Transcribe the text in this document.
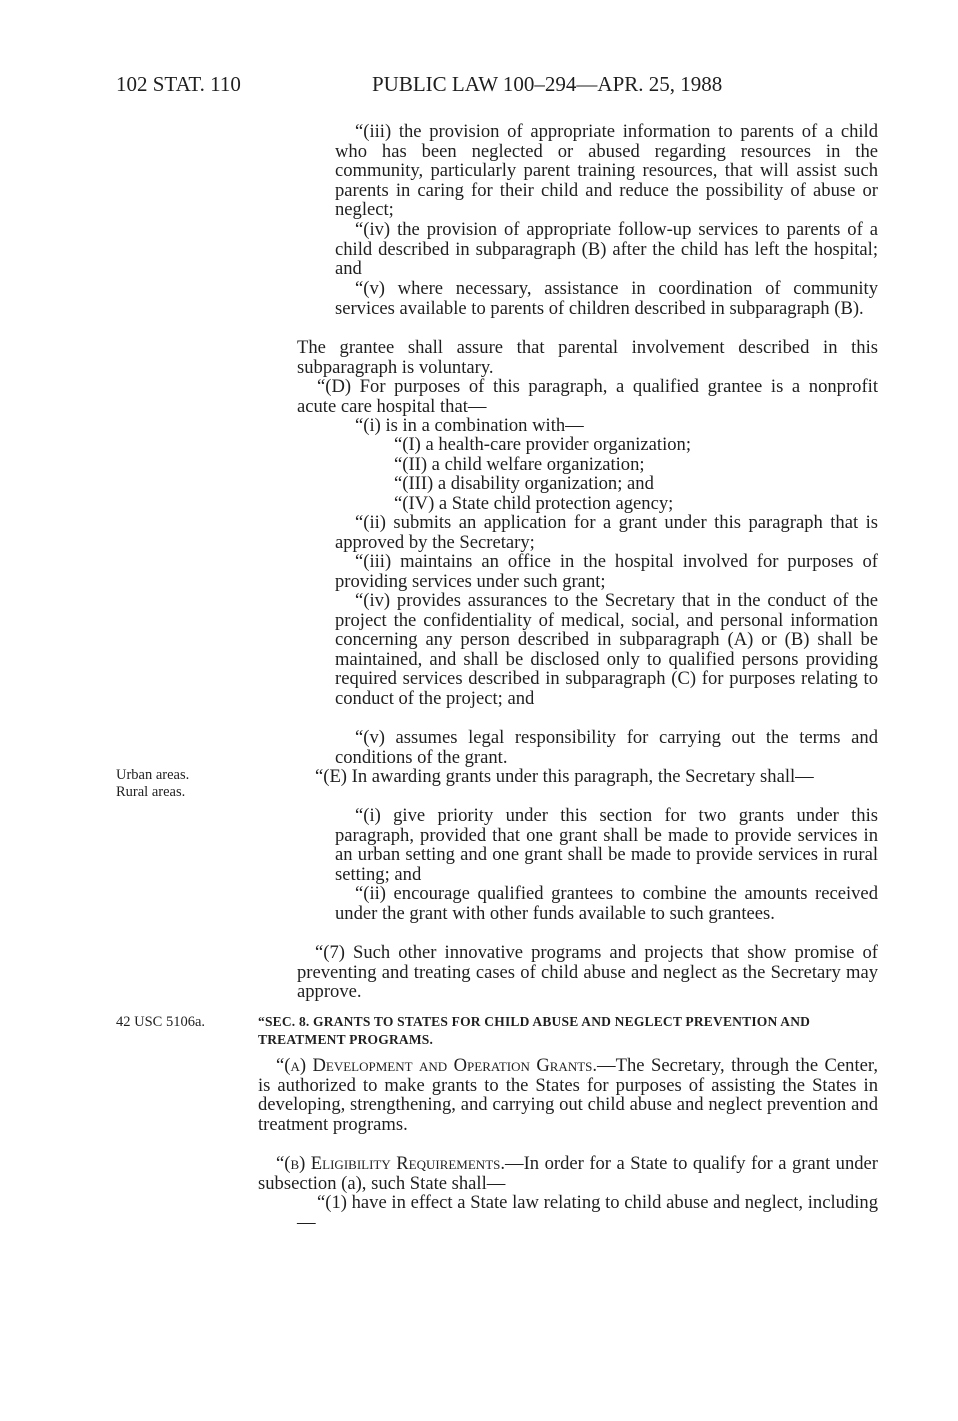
102 STAT. 110	PUBLIC LAW 100–294—APR. 25, 1988
Urban areas.
Rural areas.
42 USC 5106a.

“(iii) the provision of appropriate information to parents of a child who has been neglected or abused regarding resources in the community, particularly parent training resources, that will assist such parents in caring for their child and reduce the possibility of abuse or neglect;

“(iv) the provision of appropriate follow-up services to parents of a child described in subparagraph (B) after the child has left the hospital; and

“(v) where necessary, assistance in coordination of community services available to parents of children described in subparagraph (B).

The grantee shall assure that parental involvement described in this subparagraph is voluntary.

“(D) For purposes of this paragraph, a qualified grantee is a nonprofit acute care hospital that—

“(i) is in a combination with—

“(I) a health-care provider organization;

“(II) a child welfare organization;

“(III) a disability organization; and

“(IV) a State child protection agency;

“(ii) submits an application for a grant under this paragraph that is approved by the Secretary;

“(iii) maintains an office in the hospital involved for purposes of providing services under such grant;

“(iv) provides assurances to the Secretary that in the conduct of the project the confidentiality of medical, social, and personal information concerning any person described in subparagraph (A) or (B) shall be maintained, and shall be disclosed only to qualified persons providing required services described in subparagraph (C) for purposes relating to conduct of the project; and

“(v) assumes legal responsibility for carrying out the terms and conditions of the grant.

“(E) In awarding grants under this paragraph, the Secretary shall—

“(i) give priority under this section for two grants under this paragraph, provided that one grant shall be made to provide services in an urban setting and one grant shall be made to provide services in rural setting; and

“(ii) encourage qualified grantees to combine the amounts received under the grant with other funds available to such grantees.

“(7) Such other innovative programs and projects that show promise of preventing and treating cases of child abuse and neglect as the Secretary may approve.

“SEC. 8. GRANTS TO STATES FOR CHILD ABUSE AND NEGLECT PREVENTION AND TREATMENT PROGRAMS.

“(a) Development and Operation Grants.—The Secretary, through the Center, is authorized to make grants to the States for purposes of assisting the States in developing, strengthening, and carrying out child abuse and neglect prevention and treatment programs.

“(b) Eligibility Requirements.—In order for a State to qualify for a grant under subsection (a), such State shall—

“(1) have in effect a State law relating to child abuse and neglect, including—
